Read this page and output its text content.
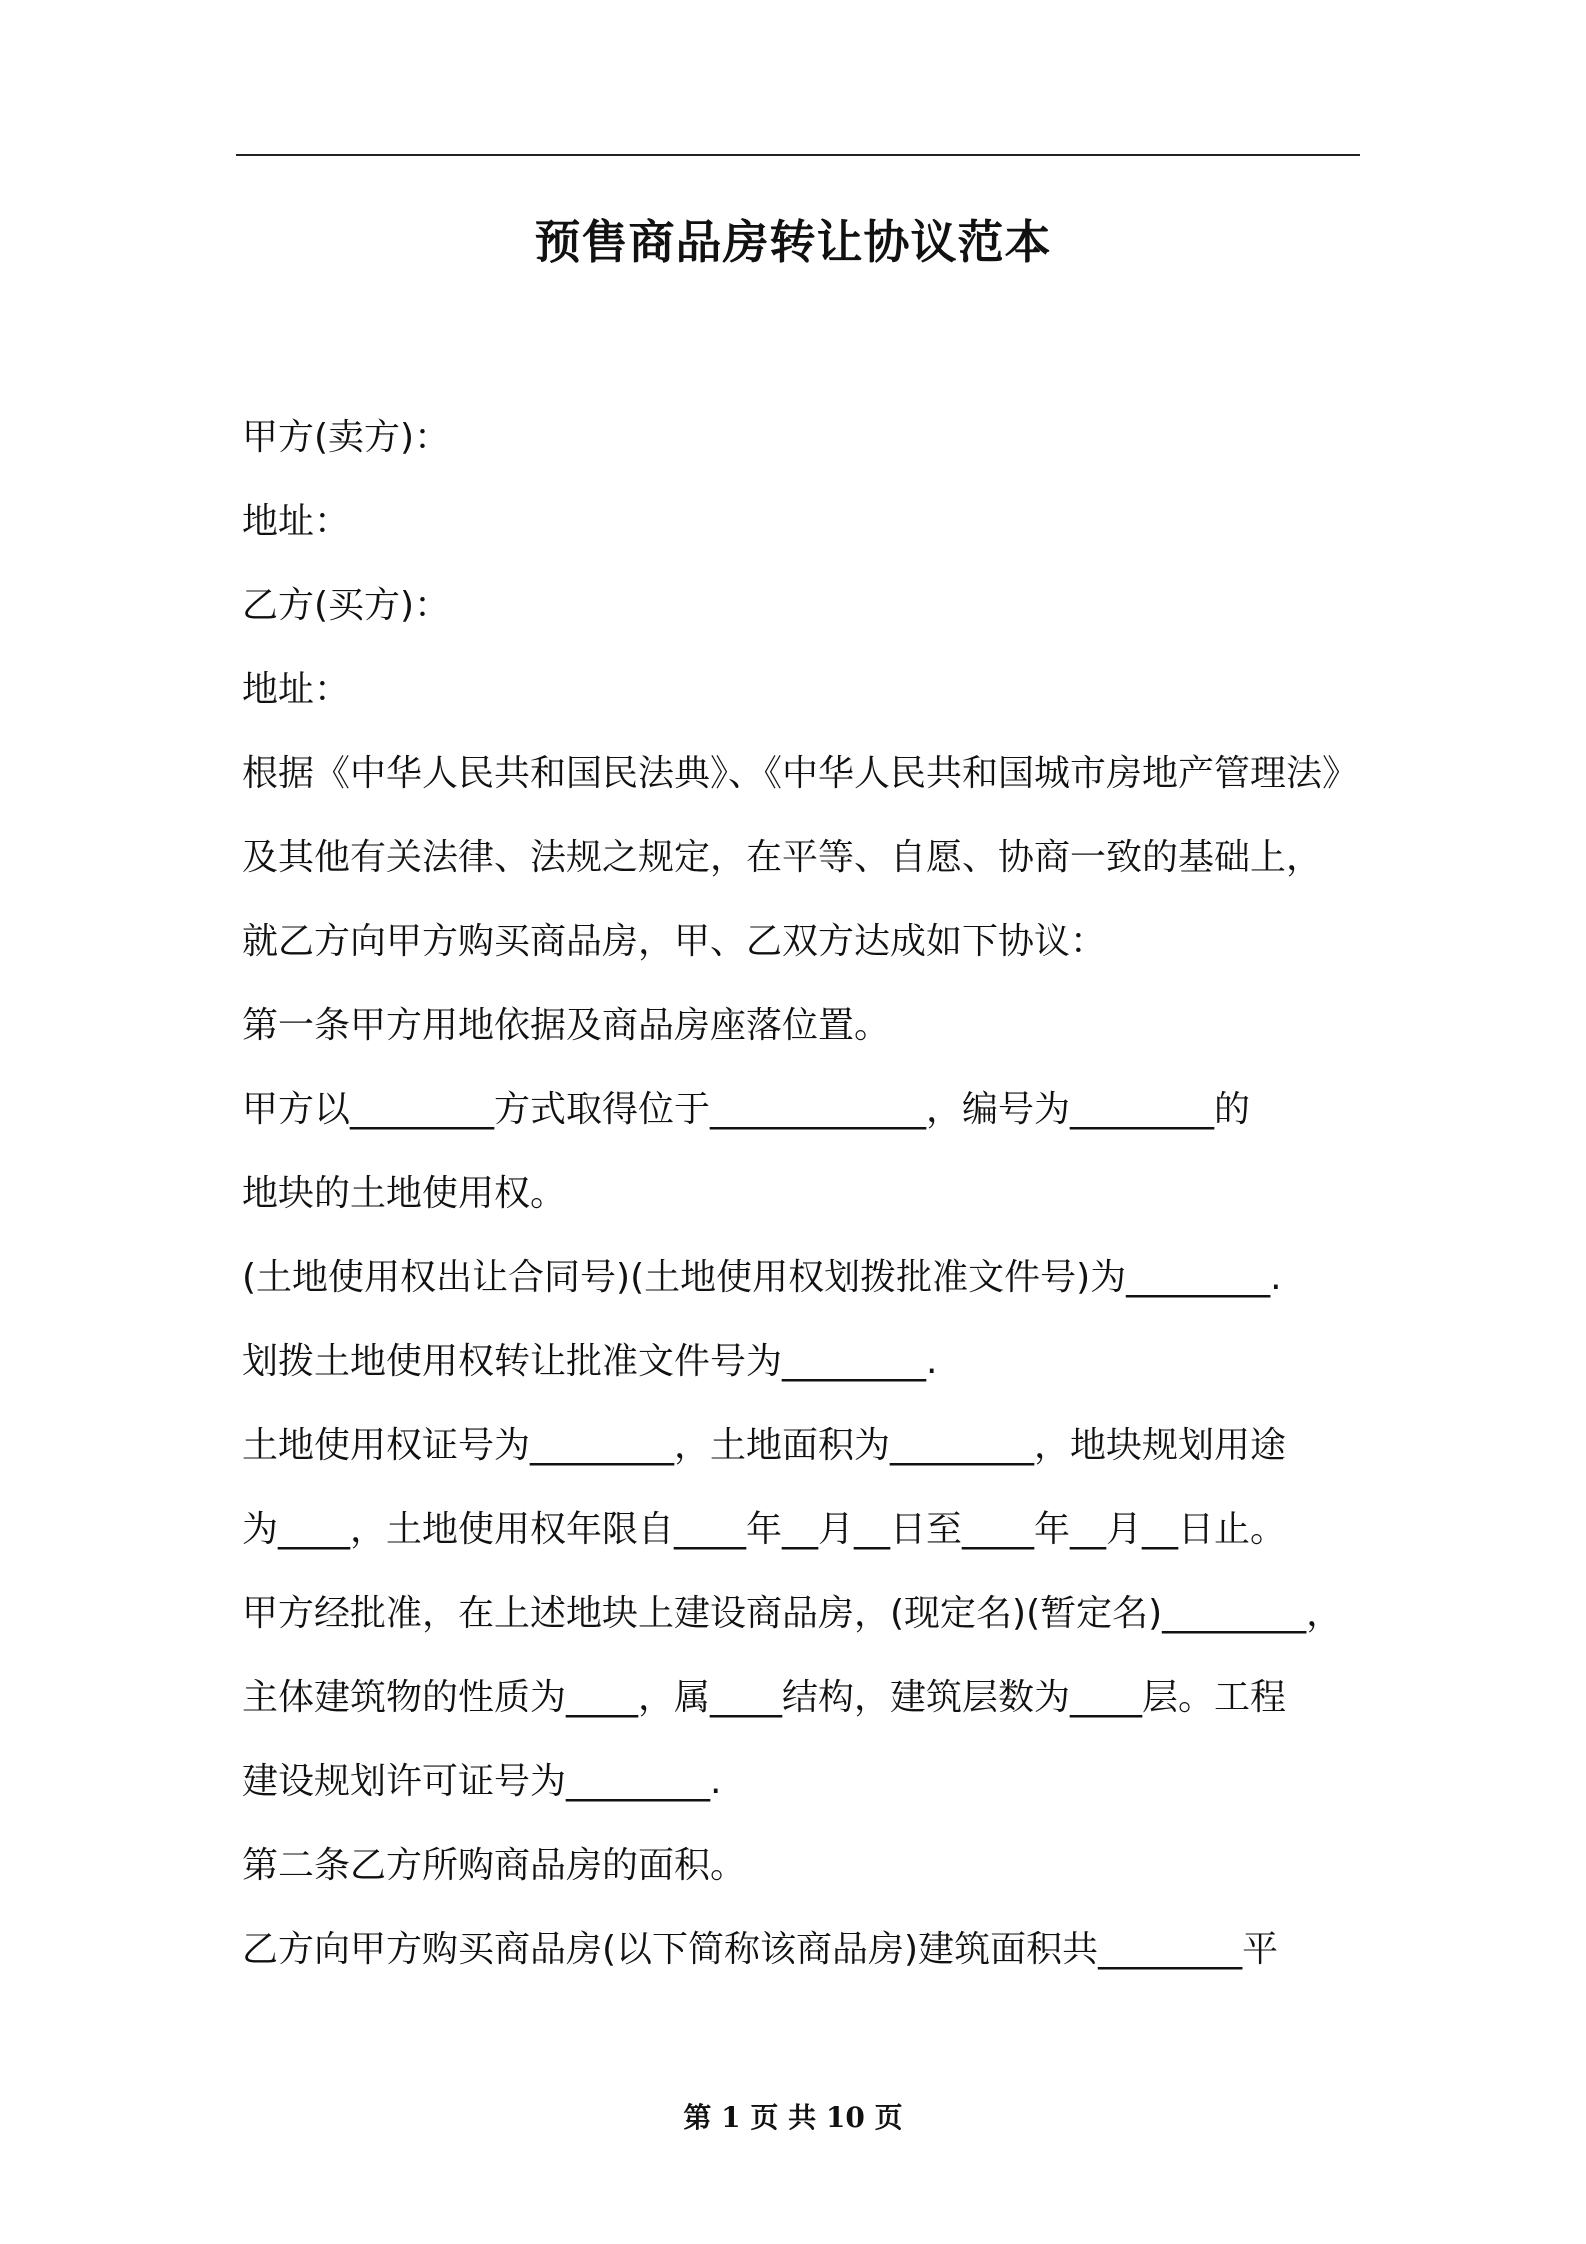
预售商品房转让协议范本
甲方(卖方)：
地址：
乙方(买方)：
地址：
根据《中华人民共和国民法典》、《中华人民共和国城市房地产管理法》
及其他有关法律、法规之规定，在平等、自愿、协商一致的基础上，
就乙方向甲方购买商品房，甲、乙双方达成如下协议：
第一条甲方用地依据及商品房座落位置。
甲方以________方式取得位于____________，编号为________的
地块的土地使用权。
(土地使用权出让合同号)(土地使用权划拨批准文件号)为________.
划拨土地使用权转让批准文件号为________.
土地使用权证号为________，土地面积为________，地块规划用途
为____，土地使用权年限自____年__月__日至____年__月__日止。
甲方经批准，在上述地块上建设商品房，(现定名)(暂定名)________，
主体建筑物的性质为____，属____结构，建筑层数为____层。工程
建设规划许可证号为________.
第二条乙方所购商品房的面积。
乙方向甲方购买商品房(以下简称该商品房)建筑面积共________平
第 1 页 共 10 页
